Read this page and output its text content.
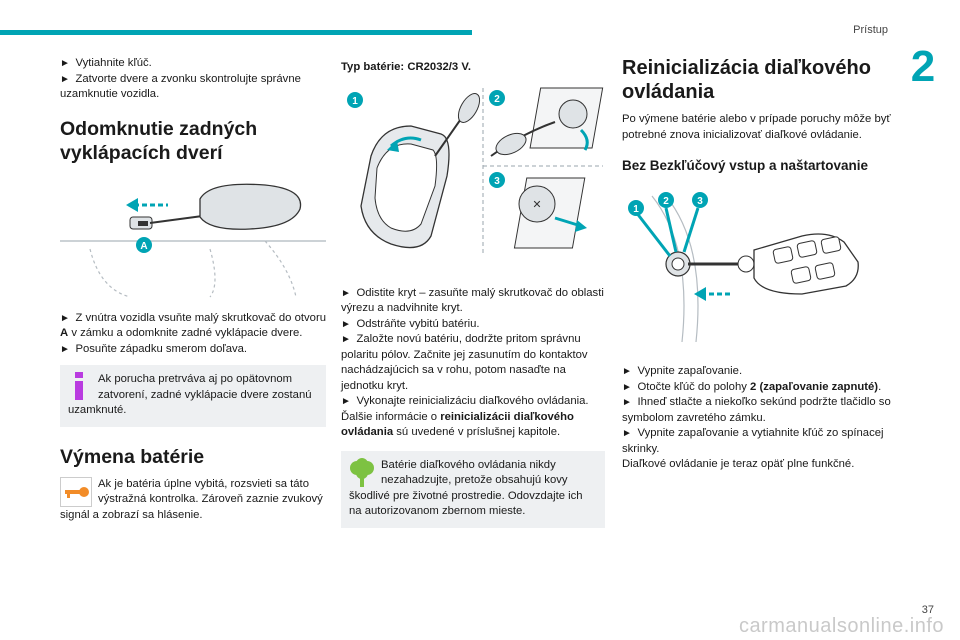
Prístup
2

►  Vytiahnite kľúč.

►  Zatvorte dvere a zvonku skontrolujte správne uzamknutie vozidla.

Odomknutie zadných vyklápacích dverí
A

►  Z vnútra vozidla vsuňte malý skrutkovač do otvoru A v zámku a odomknite zadné vyklápacie dvere.

►  Posuňte západku smerom doľava.

Ak porucha pretrváva aj po opätovnom zatvorení, zadné vyklápacie dvere zostanú uzamknuté.

Výmena batérie

Ak je batéria úplne vybitá, rozsvieti sa táto výstražná kontrolka. Zároveň zaznie zvukový signál a zobrazí sa hlásenie.

Typ batérie: CR2032/3 V.

1	2
✕
3

►  Odistite kryt – zasuňte malý skrutkovač do oblasti výrezu a nadvihnite kryt.

►  Odstráňte vybitú batériu.

►  Založte novú batériu, dodržte pritom správnu polaritu pólov. Začnite jej zasunutím do kontaktov nachádzajúcich sa v rohu, potom nasaďte na jednotku kryt.

►  Vykonajte reinicializáciu diaľkového ovládania.

Ďalšie informácie o reinicializácii diaľkového ovládania sú uvedené v príslušnej kapitole.

Batérie diaľkového ovládania nikdy nezahadzujte, pretože obsahujú kovy škodlivé pre životné prostredie. Odovzdajte ich na autorizovanom zbernom mieste.

Reinicializácia diaľkového ovládania

Po výmene batérie alebo v prípade poruchy môže byť potrebné znova inicializovať diaľkové ovládanie.

Bez Bezkľúčový vstup a naštartovanie
1
2	3

►  Vypnite zapaľovanie.

►  Otočte kľúč do polohy 2 (zapaľovanie zapnuté).

►  Ihneď stlačte a niekoľko sekúnd podržte tlačidlo so symbolom zavretého zámku.

►  Vypnite zapaľovanie a vytiahnite kľúč zo spínacej skrinky.

Diaľkové ovládanie je teraz opäť plne funkčné.

carmanualsonline.info
37
